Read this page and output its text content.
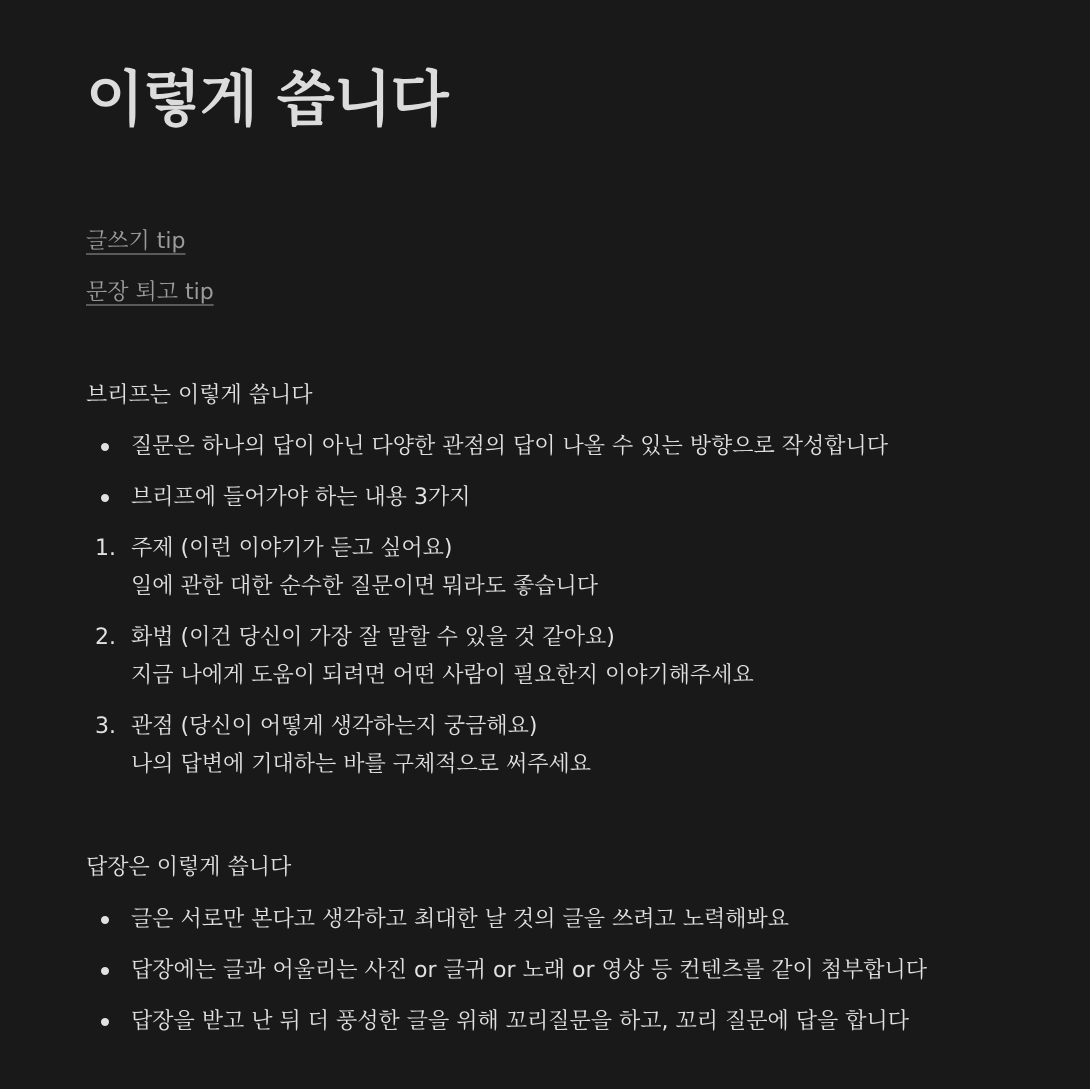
이렇게 씁니다
글쓰기 tip
문장 퇴고 tip
브리프는 이렇게 씁니다
질문은 하나의 답이 아닌 다양한 관점의 답이 나올 수 있는 방향으로 작성합니다
브리프에 들어가야 하는 내용 3가지
1. 주제 (이런 이야기가 듣고 싶어요)
일에 관한 대한 순수한 질문이면 뭐라도 좋습니다
2. 화법 (이건 당신이 가장 잘 말할 수 있을 것 같아요)
지금 나에게 도움이 되려면 어떤 사람이 필요한지 이야기해주세요
3. 관점 (당신이 어떻게 생각하는지 궁금해요)
나의 답변에 기대하는 바를 구체적으로 써주세요
답장은 이렇게 씁니다
글은 서로만 본다고 생각하고 최대한 날 것의 글을 쓰려고 노력해봐요
답장에는 글과 어울리는 사진 or 글귀 or 노래 or 영상 등 컨텐츠를 같이 첨부합니다
답장을 받고 난 뒤 더 풍성한 글을 위해 꼬리질문을 하고, 꼬리 질문에 답을 합니다
